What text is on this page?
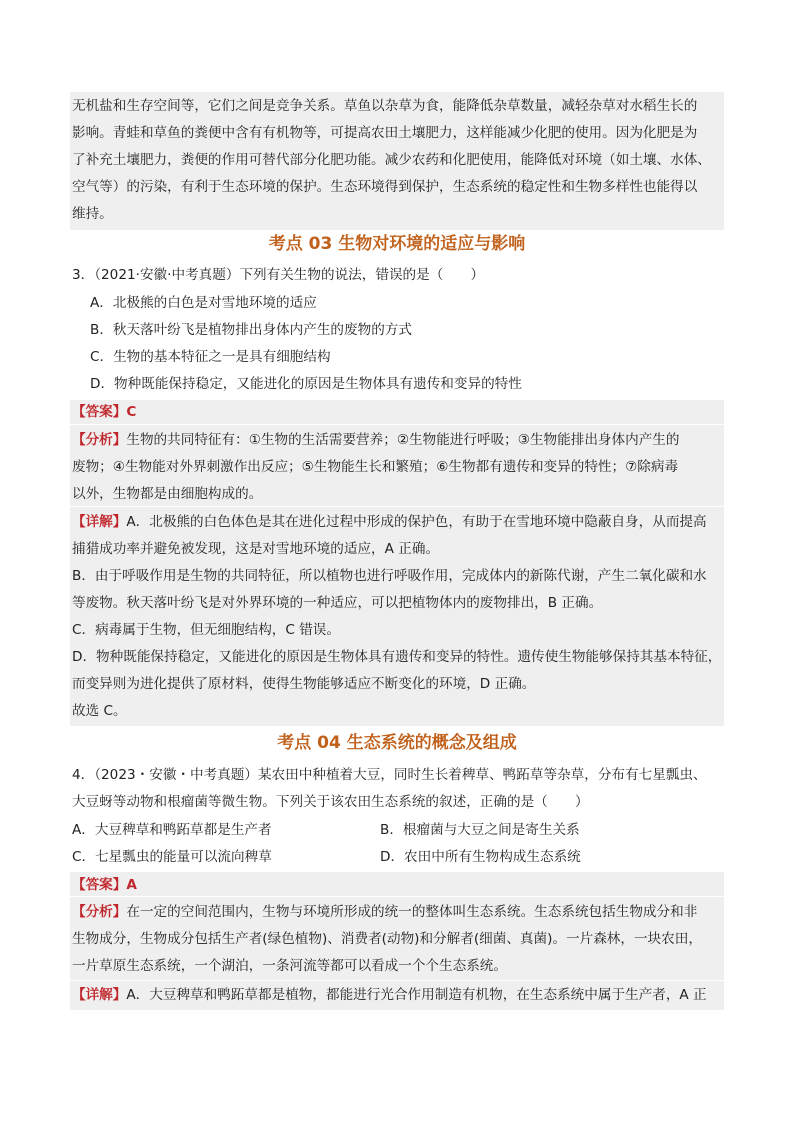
无机盐和生存空间等，它们之间是竞争关系。草鱼以杂草为食，能降低杂草数量，减轻杂草对水稻生长的
影响。青蛙和草鱼的粪便中含有有机物等，可提高农田土壤肥力，这样能减少化肥的使用。因为化肥是为
了补充土壤肥力，粪便的作用可替代部分化肥功能。减少农药和化肥使用，能降低对环境（如土壤、水体、
空气等）的污染，有利于生态环境的保护。生态环境得到保护，生态系统的稳定性和生物多样性也能得以
维持。
考点 03 生物对环境的适应与影响
3．（2021·安徽·中考真题）下列有关生物的说法，错误的是（　　）
A．北极熊的白色是对雪地环境的适应
B．秋天落叶纷飞是植物排出身体内产生的废物的方式
C．生物的基本特征之一是具有细胞结构
D．物种既能保持稳定，又能进化的原因是生物体具有遗传和变异的特性
【答案】C
【分析】生物的共同特征有：①生物的生活需要营养；②生物能进行呼吸；③生物能排出身体内产生的
废物；④生物能对外界刺激作出反应；⑤生物能生长和繁殖；⑥生物都有遗传和变异的特性；⑦除病毒
以外，生物都是由细胞构成的。
【详解】A．北极熊的白色体色是其在进化过程中形成的保护色，有助于在雪地环境中隐蔽自身，从而提高
捕猎成功率并避免被发现，这是对雪地环境的适应，A 正确。
B．由于呼吸作用是生物的共同特征，所以植物也进行呼吸作用，完成体内的新陈代谢，产生二氧化碳和水
等废物。秋天落叶纷飞是对外界环境的一种适应，可以把植物体内的废物排出，B 正确。
C．病毒属于生物，但无细胞结构，C 错误。
D．物种既能保持稳定，又能进化的原因是生物体具有遗传和变异的特性。遗传使生物能够保持其基本特征，
而变异则为进化提供了原材料，使得生物能够适应不断变化的环境，D 正确。
故选 C。
考点 04 生态系统的概念及组成
4．（2023・安徽・中考真题）某农田中种植着大豆，同时生长着稗草、鸭跖草等杂草，分布有七星瓢虫、
大豆蚜等动物和根瘤菌等微生物。下列关于该农田生态系统的叙述，正确的是（　　）
A．大豆稗草和鸭跖草都是生产者	B．根瘤菌与大豆之间是寄生关系
C．七星瓢虫的能量可以流向稗草	D．农田中所有生物构成生态系统
【答案】A
【分析】在一定的空间范围内，生物与环境所形成的统一的整体叫生态系统。生态系统包括生物成分和非
生物成分，生物成分包括生产者(绿色植物)、消费者(动物)和分解者(细菌、真菌)。一片森林，一块农田，
一片草原生态系统，一个湖泊，一条河流等都可以看成一个个生态系统。
【详解】A．大豆稗草和鸭跖草都是植物，都能进行光合作用制造有机物，在生态系统中属于生产者，A 正
